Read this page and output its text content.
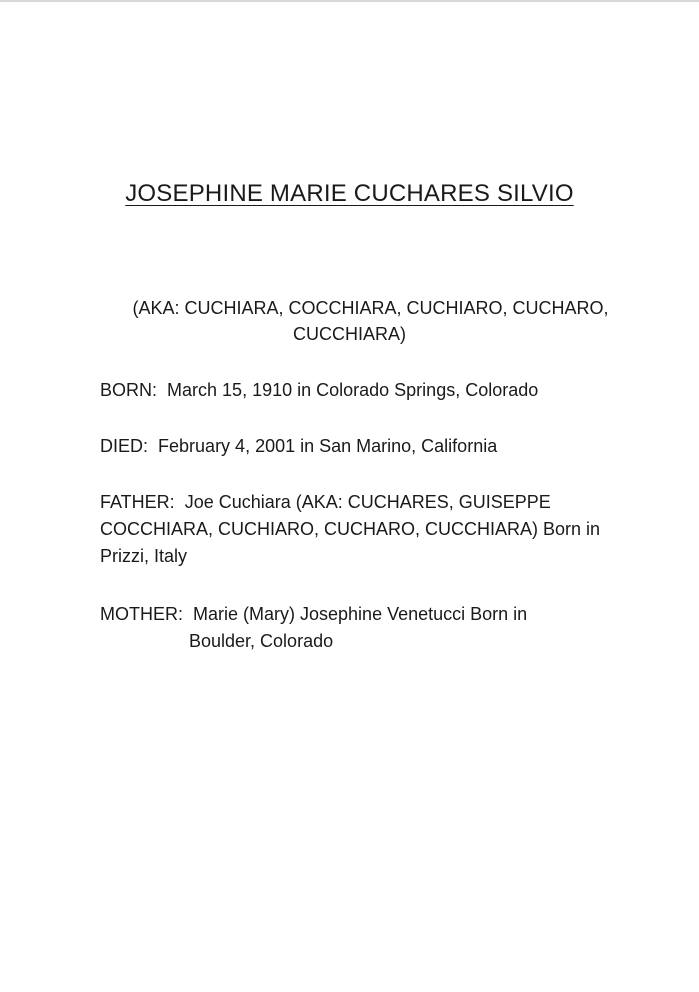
JOSEPHINE MARIE CUCHARES SILVIO
(AKA: CUCHIARA, COCCHIARA, CUCHIARO, CUCHARO,
CUCCHIARA)
BORN: March 15, 1910 in Colorado Springs, Colorado
DIED: February 4, 2001 in San Marino, California
FATHER: Joe Cuchiara (AKA: CUCHARES, GUISEPPE
COCCHIARA, CUCHIARO, CUCHARO, CUCCHIARA) Born in
Prizzi, Italy
MOTHER: Marie (Mary) Josephine Venetucci Born in
Boulder, Colorado
